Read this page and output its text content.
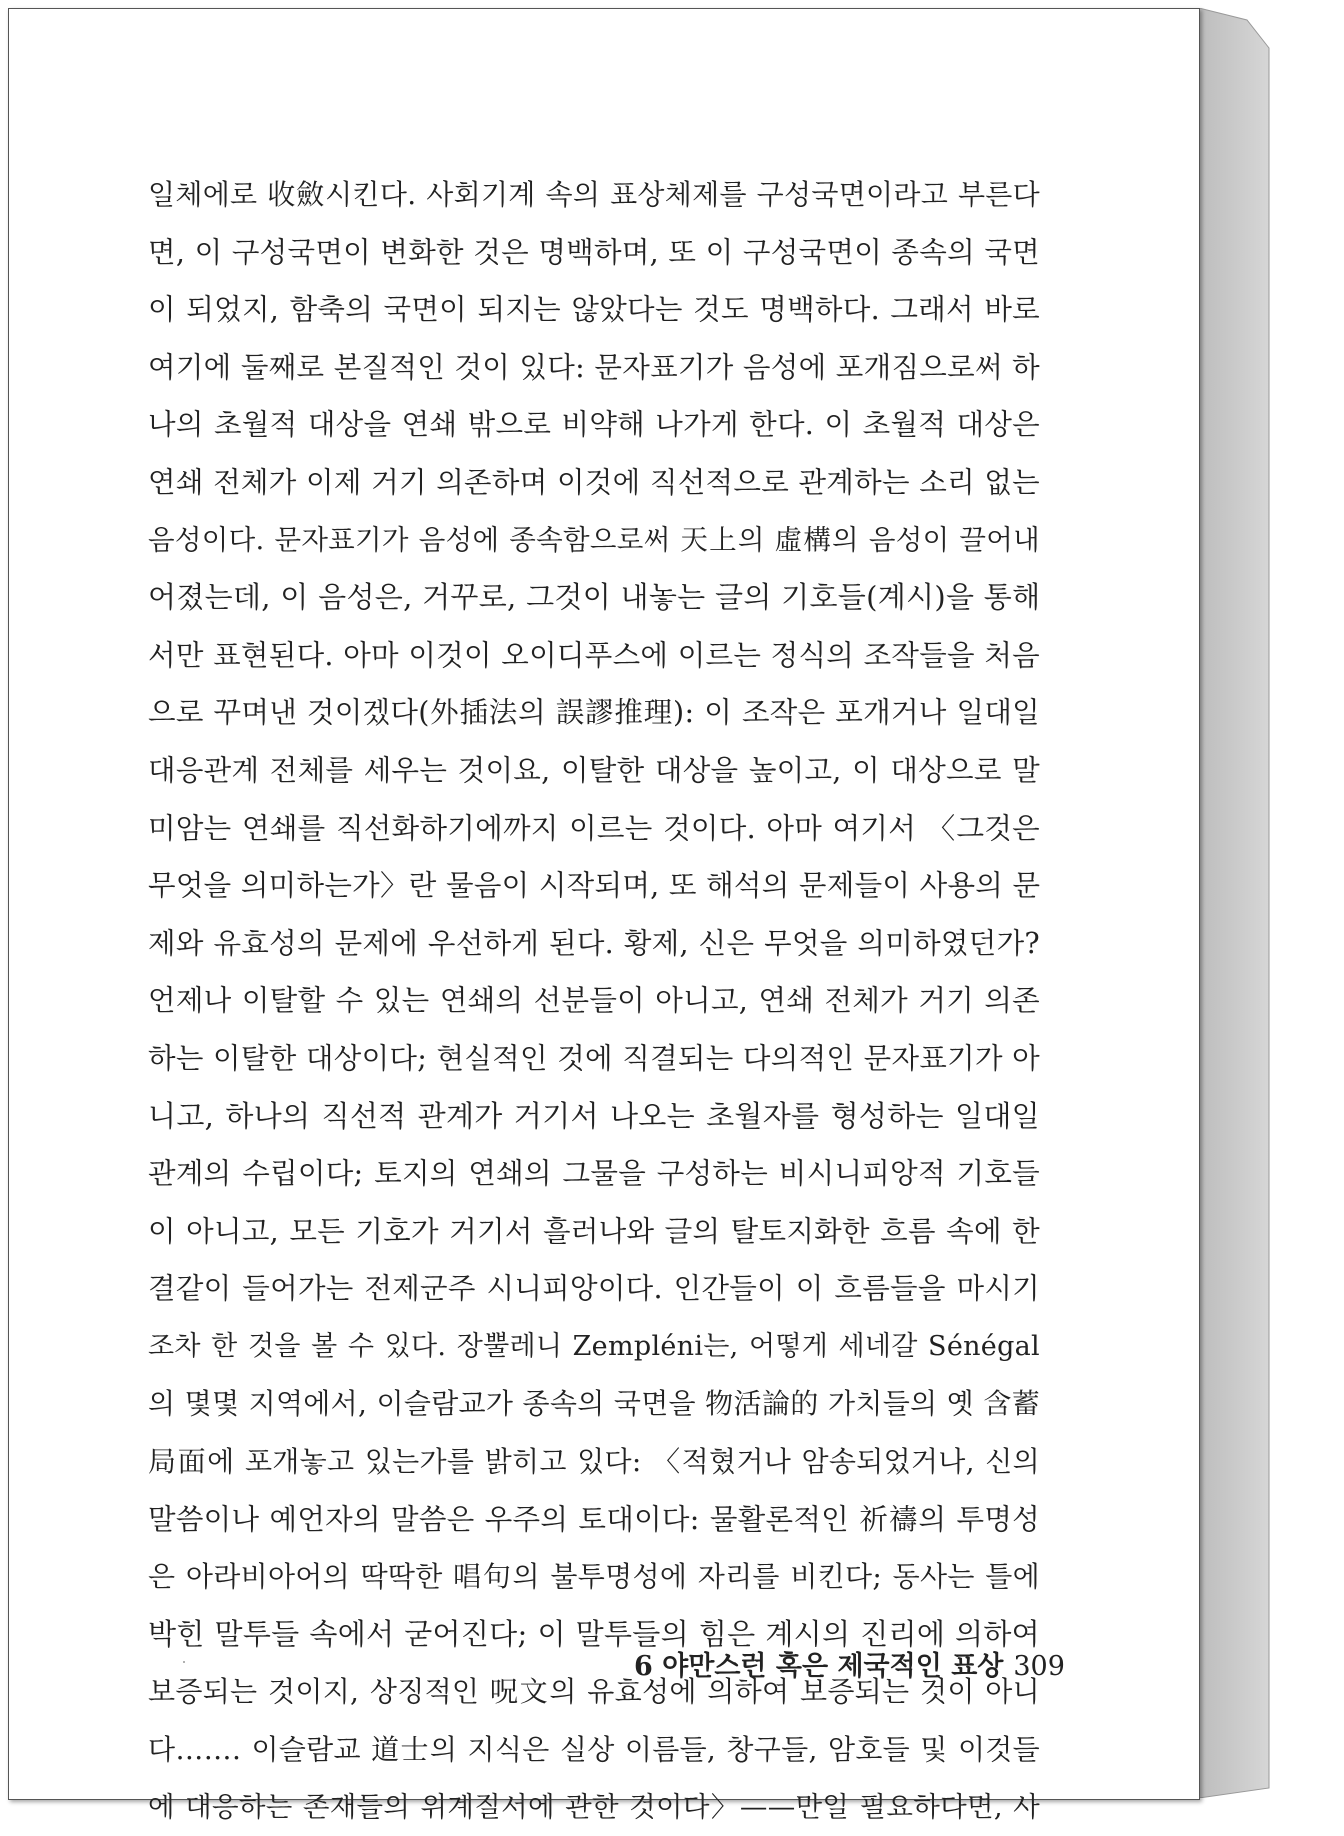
일체에로 收斂시킨다. 사회기계 속의 표상체제를 구성국면이라고 부른다
면, 이 구성국면이 변화한 것은 명백하며, 또 이 구성국면이 종속의 국면
이 되었지, 함축의 국면이 되지는 않았다는 것도 명백하다. 그래서 바로
여기에 둘째로 본질적인 것이 있다: 문자표기가 음성에 포개짐으로써 하
나의 초월적 대상을 연쇄 밖으로 비약해 나가게 한다. 이 초월적 대상은
연쇄 전체가 이제 거기 의존하며 이것에 직선적으로 관계하는 소리 없는
음성이다. 문자표기가 음성에 종속함으로써 天上의 虛構의 음성이 끌어내
어졌는데, 이 음성은, 거꾸로, 그것이 내놓는 글의 기호들(계시)을 통해
서만 표현된다. 아마 이것이 오이디푸스에 이르는 정식의 조작들을 처음
으로 꾸며낸 것이겠다(外插法의 誤謬推理): 이 조작은 포개거나 일대일
대응관계 전체를 세우는 것이요, 이탈한 대상을 높이고, 이 대상으로 말
미암는 연쇄를 직선화하기에까지 이르는 것이다. 아마 여기서 〈그것은
무엇을 의미하는가〉란 물음이 시작되며, 또 해석의 문제들이 사용의 문
제와 유효성의 문제에 우선하게 된다. 황제, 신은 무엇을 의미하였던가?
언제나 이탈할 수 있는 연쇄의 선분들이 아니고, 연쇄 전체가 거기 의존
하는 이탈한 대상이다; 현실적인 것에 직결되는 다의적인 문자표기가 아
니고, 하나의 직선적 관계가 거기서 나오는 초월자를 형성하는 일대일
관계의 수립이다; 토지의 연쇄의 그물을 구성하는 비시니피앙적 기호들
이 아니고, 모든 기호가 거기서 흘러나와 글의 탈토지화한 흐름 속에 한
결같이 들어가는 전제군주 시니피앙이다. 인간들이 이 흐름들을 마시기
조차 한 것을 볼 수 있다. 장뿔레니 Zempléni는, 어떻게 세네갈 Sénégal
의 몇몇 지역에서, 이슬람교가 종속의 국면을 物活論的 가치들의 옛 含蓄
局面에 포개놓고 있는가를 밝히고 있다: 〈적혔거나 암송되었거나, 신의
말씀이나 예언자의 말씀은 우주의 토대이다: 물활론적인 祈禱의 투명성
은 아라비아어의 딱딱한 唱句의 불투명성에 자리를 비킨다; 동사는 틀에
박힌 말투들 속에서 굳어진다; 이 말투들의 힘은 계시의 진리에 의하여
보증되는 것이지, 상징적인 呪文의 유효성에 의하여 보증되는 것이 아니
다……. 이슬람교 道士의 지식은 실상 이름들, 창구들, 암호들 및 이것들
에 대응하는 존재들의 위계질서에 관한 것이다〉——만일 필요하다면, 사
6 야만스런 혹은 제국적인 표상 309
